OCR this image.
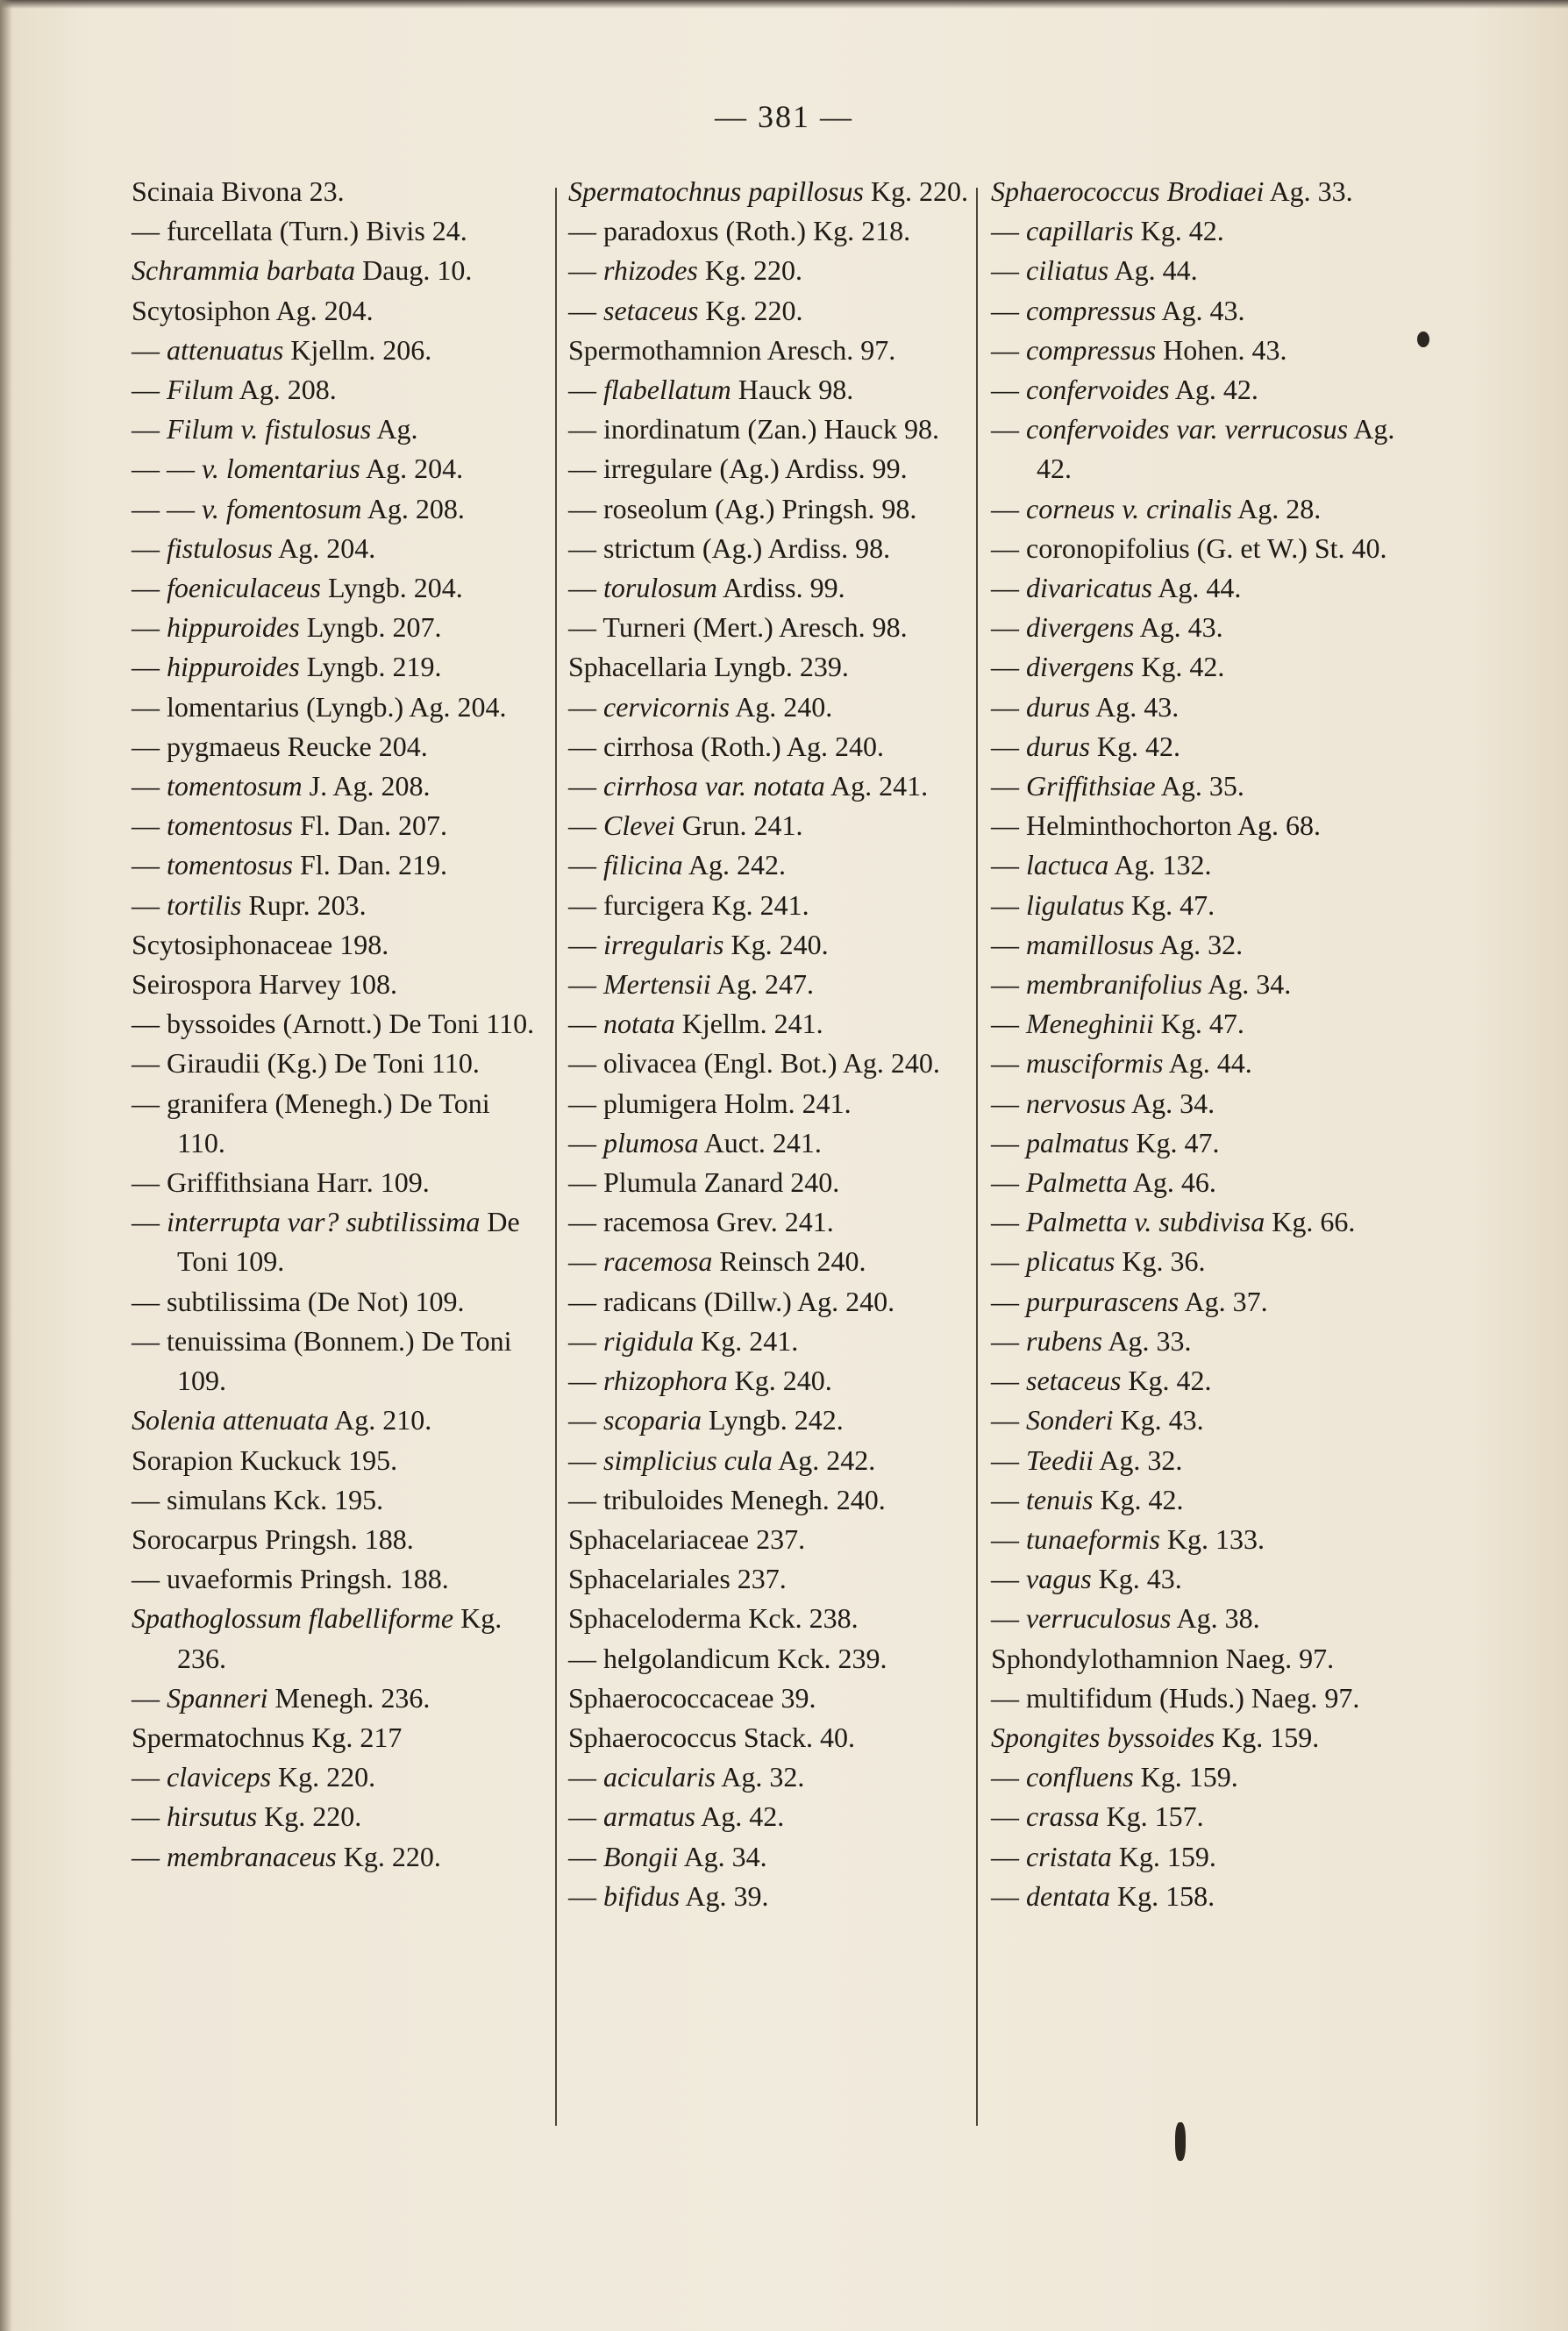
— 381 —
Scinaia Bivona 23.
— furcellata (Turn.) Bivis 24.
Schrammia barbata Daug. 10.
Scytosiphon Ag. 204.
— attenuatus Kjellm. 206.
— Filum Ag. 208.
— Filum v. fistulosus Ag.
— — v. lomentarius Ag. 204.
— — v. fomentosum Ag. 208.
— fistulosus Ag. 204.
— foeniculaceus Lyngb. 204.
— hippuroides Lyngb. 207.
— hippuroides Lyngb. 219.
— lomentarius (Lyngb.) Ag. 204.
— pygmaeus Reucke 204.
— tomentosum J. Ag. 208.
— tomentosus Fl. Dan. 207.
— tomentosus Fl. Dan. 219.
— tortilis Rupr. 203.
Scytosiphonaceae 198.
Seirospora Harvey 108.
— byssoides (Arnott.) De Toni 110.
— Giraudii (Kg.) De Toni 110.
— granifera (Menegh.) De Toni 110.
— Griffithsiana Harr. 109.
— interrupta var? subtilissima De Toni 109.
— subtilissima (De Not) 109.
— tenuissima (Bonnem.) De Toni 109.
Solenia attenuata Ag. 210.
Sorapion Kuckuck 195.
— simulans Kck. 195.
Sorocarpus Pringsh. 188.
— uvaeformis Pringsh. 188.
Spathoglossum flabelliforme Kg. 236.
— Spanneri Menegh. 236.
Spermatochnus Kg. 217
— claviceps Kg. 220.
— hirsutus Kg. 220.
— membranaceus Kg. 220.
Spermatochnus papillosus Kg. 220.
— paradoxus (Roth.) Kg. 218.
— rhizodes Kg. 220.
— setaceus Kg. 220.
Spermothamnion Aresch. 97.
— flabellatum Hauck 98.
— inordinatum (Zan.) Hauck 98.
— irregulare (Ag.) Ardiss. 99.
— roseolum (Ag.) Pringsh. 98.
— strictum (Ag.) Ardiss. 98.
— torulosum Ardiss. 99.
— Turneri (Mert.) Aresch. 98.
Sphacellaria Lyngb. 239.
— cervicornis Ag. 240.
— cirrhosa (Roth.) Ag. 240.
— cirrhosa var. notata Ag. 241.
— Clevei Grun. 241.
— filicina Ag. 242.
— furcigera Kg. 241.
— irregularis Kg. 240.
— Mertensii Ag. 247.
— notata Kjellm. 241.
— olivacea (Engl. Bot.) Ag. 240.
— plumigera Holm. 241.
— plumosa Auct. 241.
— Plumula Zanard 240.
— racemosa Grev. 241.
— racemosa Reinsch 240.
— radicans (Dillw.) Ag. 240.
— rigidula Kg. 241.
— rhizophora Kg. 240.
— scoparia Lyngb. 242.
— simplicius cula Ag. 242.
— tribuloides Menegh. 240.
Sphacelariaceae 237.
Sphacelariales 237.
Sphaceloderma Kck. 238.
— helgolandicum Kck. 239.
Sphaerococcaceae 39.
Sphaerococcus Stack. 40.
— acicularis Ag. 32.
— armatus Ag. 42.
— Bongii Ag. 34.
— bifidus Ag. 39.
Sphaerococcus Brodiaei Ag. 33.
— capillaris Kg. 42.
— ciliatus Ag. 44.
— compressus Ag. 43.
— compressus Hohen. 43.
— confervoides Ag. 42.
— confervoides var. verrucosus Ag. 42.
— corneus v. crinalis Ag. 28.
— coronopifolius (G. et W.) St. 40.
— divaricatus Ag. 44.
— divergens Ag. 43.
— divergens Kg. 42.
— durus Ag. 43.
— durus Kg. 42.
— Griffithsiae Ag. 35.
— Helminthochorton Ag. 68.
— lactuca Ag. 132.
— ligulatus Kg. 47.
— mamillosus Ag. 32.
— membranifolius Ag. 34.
— Meneghinii Kg. 47.
— musciformis Ag. 44.
— nervosus Ag. 34.
— palmatus Kg. 47.
— Palmetta Ag. 46.
— Palmetta v. subdivisa Kg. 66.
— plicatus Kg. 36.
— purpurascens Ag. 37.
— rubens Ag. 33.
— setaceus Kg. 42.
— Sonderi Kg. 43.
— Teedii Ag. 32.
— tenuis Kg. 42.
— tunaeformis Kg. 133.
— vagus Kg. 43.
— verruculosus Ag. 38.
Sphondylothamnion Naeg. 97.
— multifidum (Huds.) Naeg. 97.
Spongites byssoides Kg. 159.
— confluens Kg. 159.
— crassa Kg. 157.
— cristata Kg. 159.
— dentata Kg. 158.
